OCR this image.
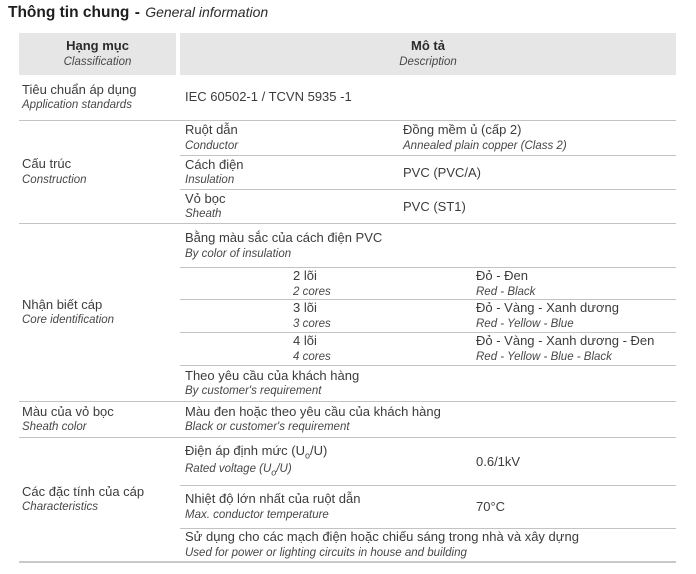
Thông tin chung - General information
Hạng mục
Classification
Mô tả
Description
Tiêu chuẩn áp dụng
Application standards
IEC 60502-1 / TCVN 5935 -1
Cấu trúc
Construction
Ruột dẫn
Conductor
Đồng mềm ủ (cấp 2)
Annealed plain copper (Class 2)
Cách điện
Insulation
PVC (PVC/A)
Vỏ bọc
Sheath
PVC (ST1)
Nhận biết cáp
Core identification
Bằng màu sắc của cách điện PVC
By color of insulation
2 lõi
2 cores
Đỏ - Đen
Red - Black
3 lõi
3 cores
Đỏ - Vàng - Xanh dương
Red - Yellow - Blue
4 lõi
4 cores
Đỏ - Vàng - Xanh dương - Đen
Red - Yellow - Blue - Black
Theo yêu cầu của khách hàng
By customer's requirement
Màu của vỏ bọc
Sheath color
Màu đen hoặc theo yêu cầu của khách hàng
Black or customer's requirement
Các đặc tính của cáp
Characteristics
Điện áp định mức $(U_o/U)$
Rated voltage $(U_o/U)$
0.6/1kV
Nhiệt độ lớn nhất của ruột dẫn
Max. conductor temperature
70°C
Sử dụng cho các mạch điện hoặc chiếu sáng trong nhà và xây dựng
Used for power or lighting circuits in house and building
